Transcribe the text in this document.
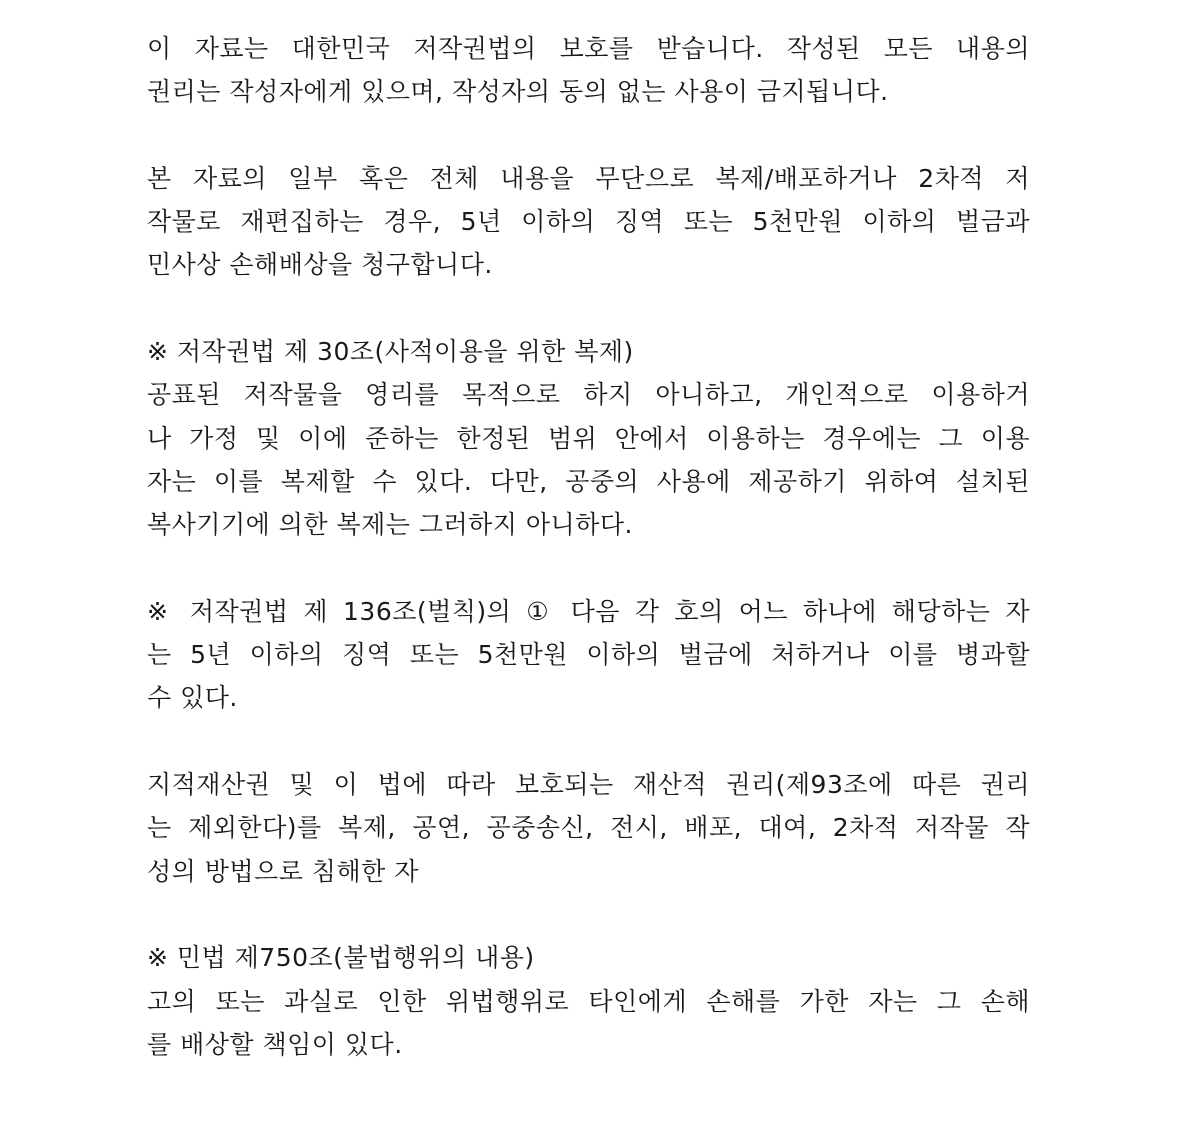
이 자료는 대한민국 저작권법의 보호를 받습니다. 작성된 모든 내용의
권리는 작성자에게 있으며, 작성자의 동의 없는 사용이 금지됩니다.
본 자료의 일부 혹은 전체 내용을 무단으로 복제/배포하거나 2차적 저
작물로 재편집하는 경우, 5년 이하의 징역 또는 5천만원 이하의 벌금과
민사상 손해배상을 청구합니다.
※ 저작권법 제 30조(사적이용을 위한 복제)
공표된 저작물을 영리를 목적으로 하지 아니하고, 개인적으로 이용하거
나 가정 및 이에 준하는 한정된 범위 안에서 이용하는 경우에는 그 이용
자는 이를 복제할 수 있다. 다만, 공중의 사용에 제공하기 위하여 설치된
복사기기에 의한 복제는 그러하지 아니하다.
※ 저작권법 제 136조(벌칙)의 ① 다음 각 호의 어느 하나에 해당하는 자
는 5년 이하의 징역 또는 5천만원 이하의 벌금에 처하거나 이를 병과할
수 있다.
지적재산권 및 이 법에 따라 보호되는 재산적 권리(제93조에 따른 권리
는 제외한다)를 복제, 공연, 공중송신, 전시, 배포, 대여, 2차적 저작물 작
성의 방법으로 침해한 자
※ 민법 제750조(불법행위의 내용)
고의 또는 과실로 인한 위법행위로 타인에게 손해를 가한 자는 그 손해
를 배상할 책임이 있다.
